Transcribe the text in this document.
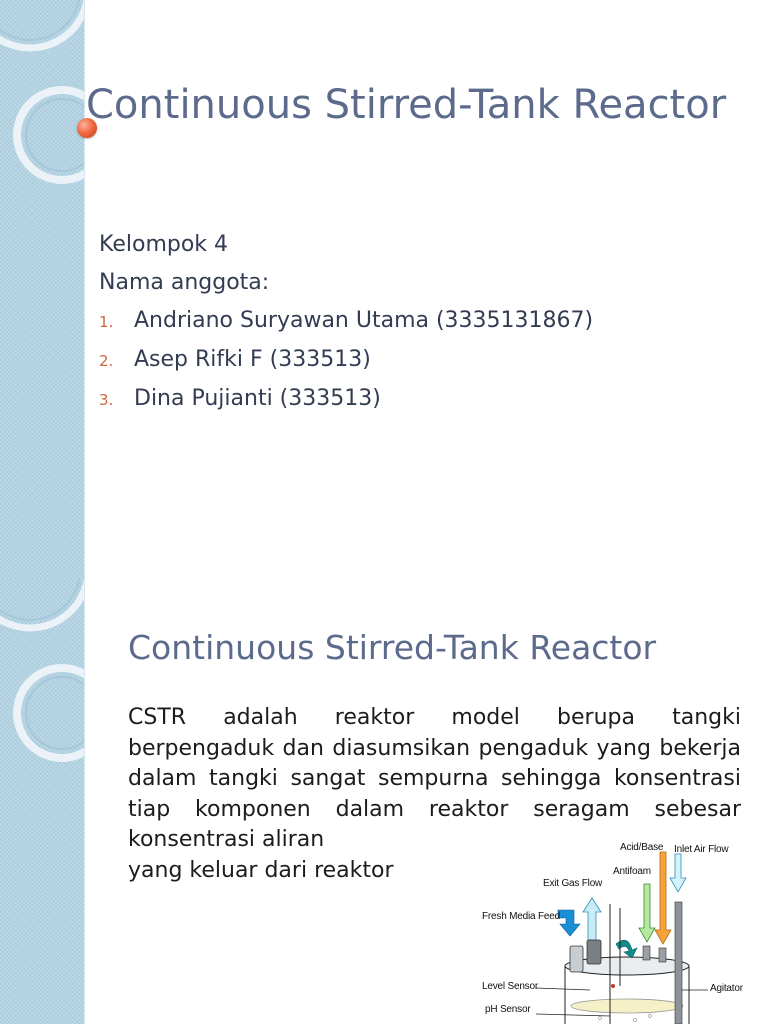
Continuous Stirred-Tank Reactor
Kelompok 4
Nama anggota:
1. Andriano Suryawan Utama (3335131867)
2. Asep Rifki F (333513)
3. Dina Pujianti (333513)
Continuous Stirred-Tank Reactor
CSTR adalah reaktor model berupa tangki berpengaduk dan diasumsikan pengaduk yang bekerja dalam tangki sangat sempurna sehingga konsentrasi tiap komponen dalam reaktor seragam sebesar konsentrasi aliran
yang keluar dari reaktor
Acid/Base Inlet Air Flow
Exit Gas Flow
Antifoam
Fresh Media Feed
Level Sensor	Agitator
pH Sensor
